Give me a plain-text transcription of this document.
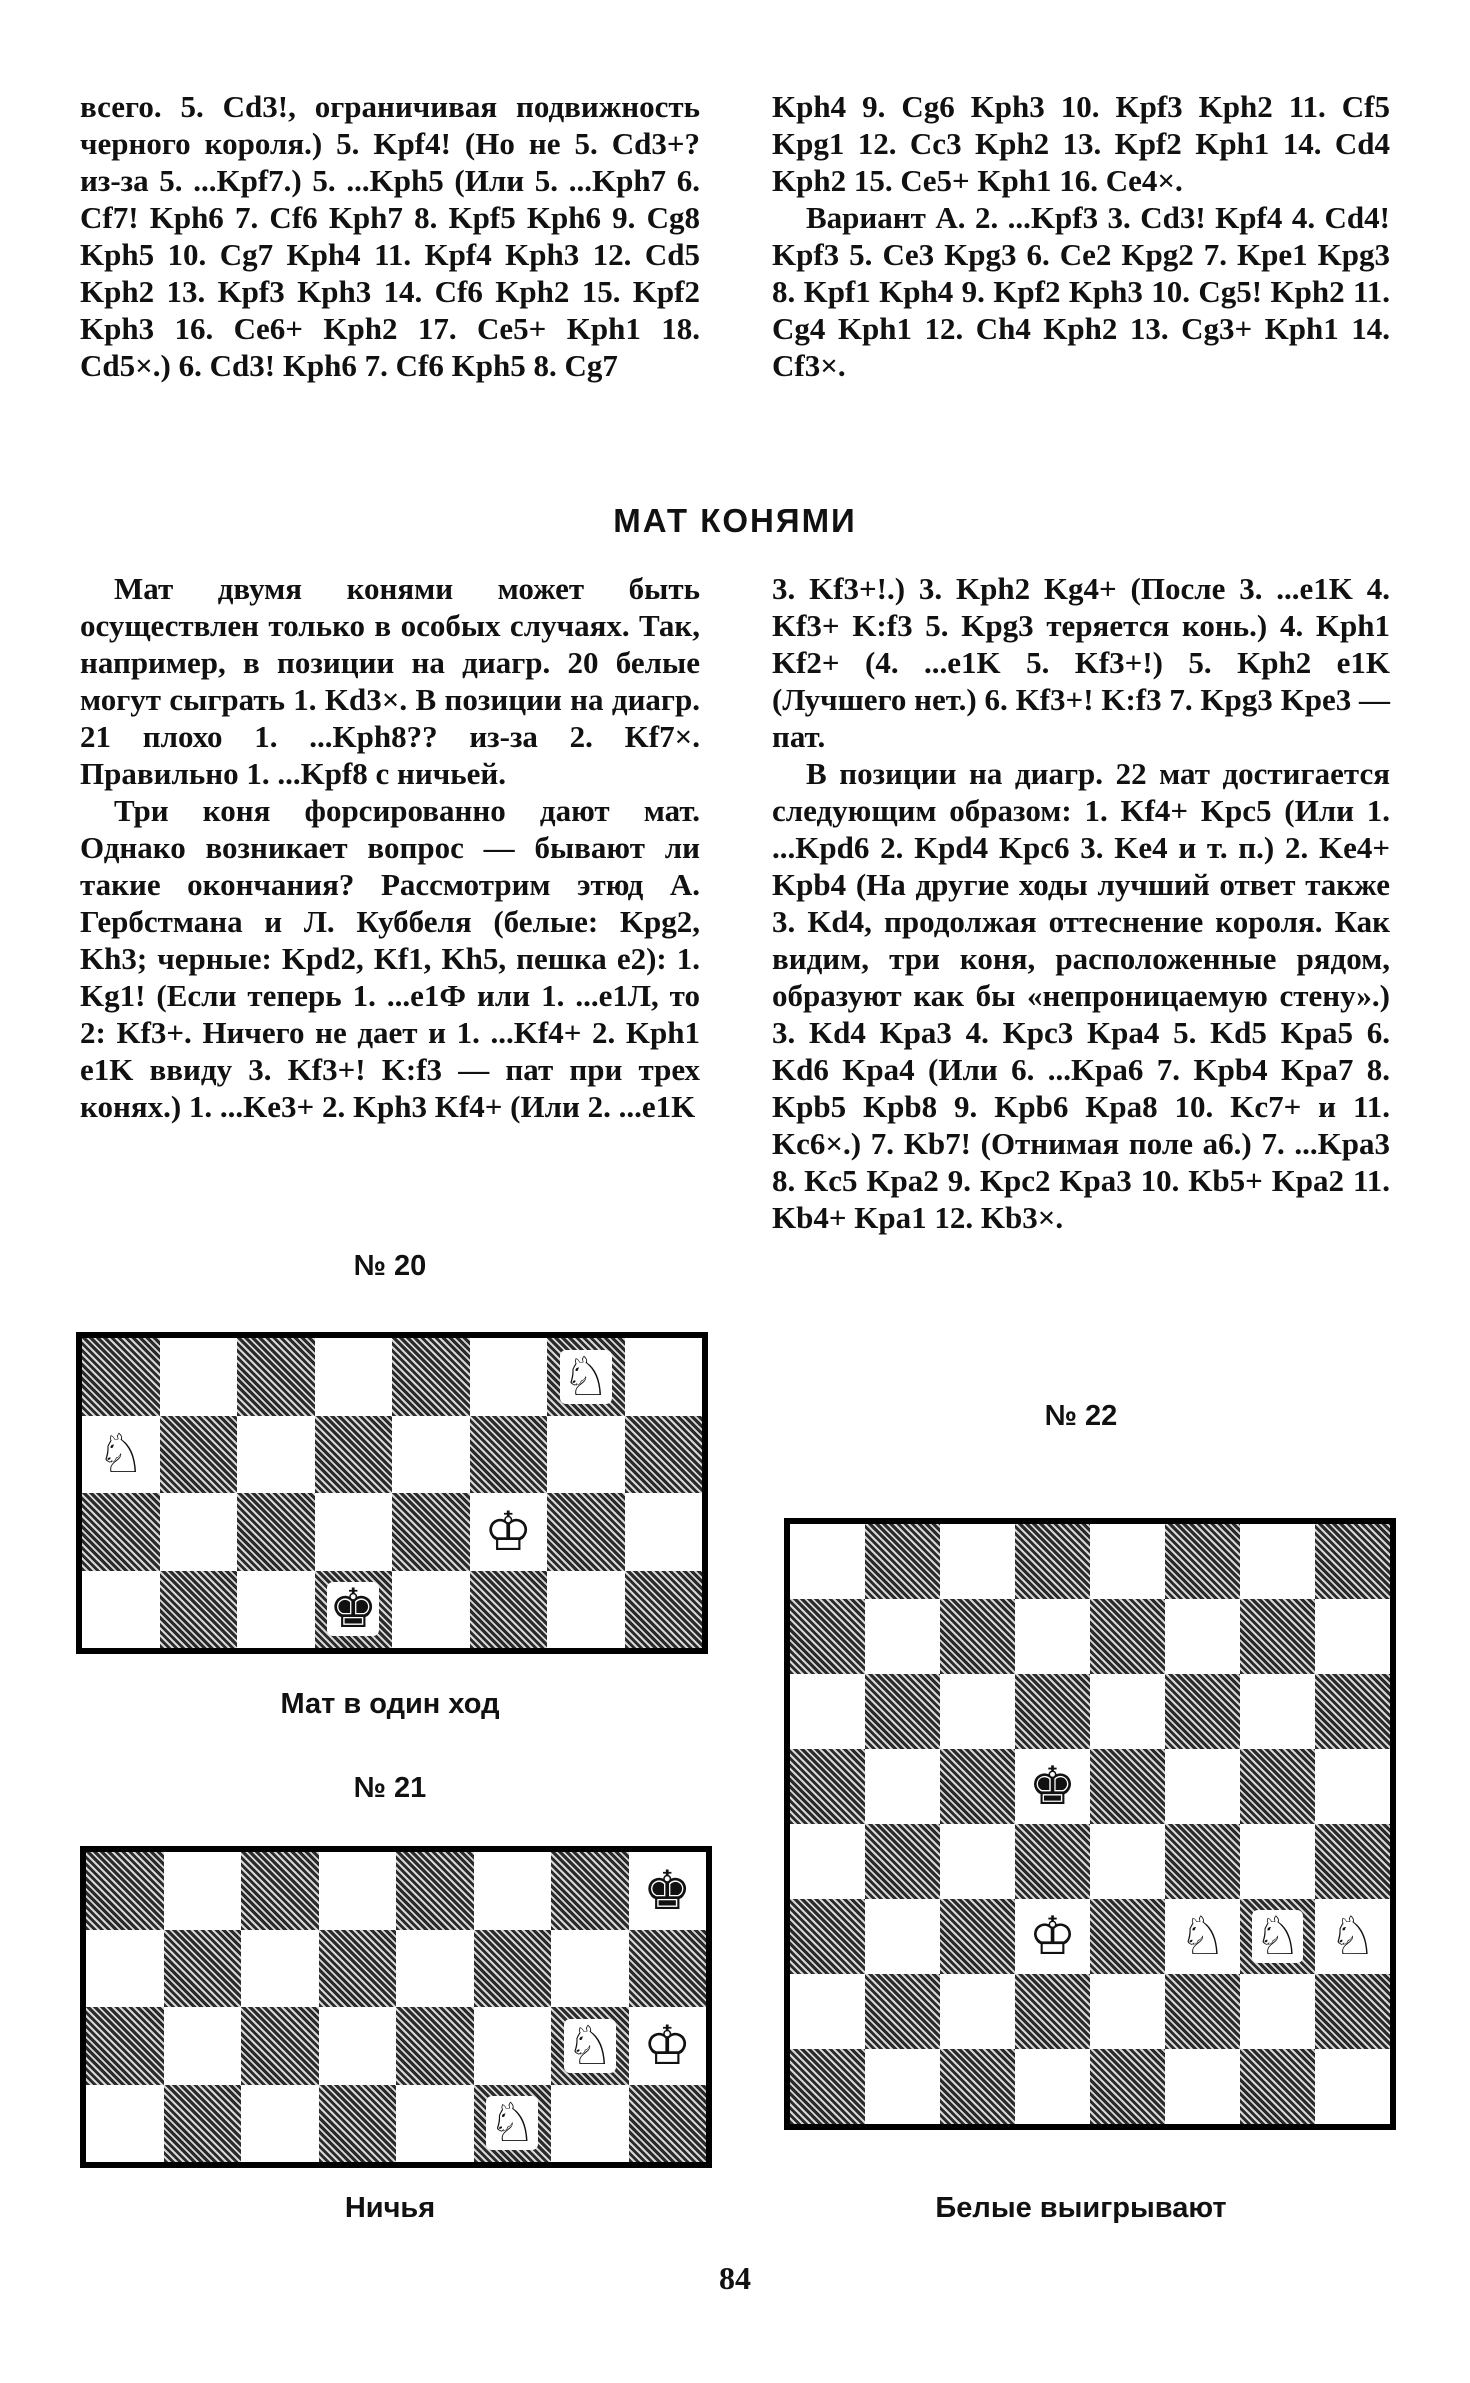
всего. 5. Cd3!, ограничивая подвижность черного короля.) 5. Kpf4! (Но не 5. Cd3+? из-за 5. ...Kpf7.) 5. ...Kph5 (Или 5. ...Kph7 6. Cf7! Kph6 7. Cf6 Kph7 8. Kpf5 Kph6 9. Cg8 Kph5 10. Cg7 Kph4 11. Kpf4 Kph3 12. Cd5 Kph2 13. Kpf3 Kph3 14. Cf6 Kph2 15. Kpf2 Kph3 16. Ce6+ Kph2 17. Ce5+ Kph1 18. Cd5×.) 6. Cd3! Kph6 7. Cf6 Kph5 8. Cg7

Kph4 9. Cg6 Kph3 10. Kpf3 Kph2 11. Cf5 Kpg1 12. Cc3 Kph2 13. Kpf2 Kph1 14. Cd4 Kph2 15. Ce5+ Kph1 16. Ce4×.

Вариант А. 2. ...Kpf3 3. Cd3! Kpf4 4. Cd4! Kpf3 5. Ce3 Kpg3 6. Ce2 Kpg2 7. Kpe1 Kpg3 8. Kpf1 Kph4 9. Kpf2 Kph3 10. Cg5! Kph2 11. Cg4 Kph1 12. Ch4 Kph2 13. Cg3+ Kph1 14. Cf3×.

МАТ КОНЯМИ

Мат двумя конями может быть осуществлен только в особых случаях. Так, например, в позиции на диагр. 20 белые могут сыграть 1. Kd3×. В позиции на диагр. 21 плохо 1. ...Kph8?? из-за 2. Kf7×. Правильно 1. ...Kpf8 с ничьей.

Три коня форсированно дают мат. Однако возникает вопрос — бывают ли такие окончания? Рассмотрим этюд А. Гербстмана и Л. Куббеля (белые: Kpg2, Kh3; черные: Kpd2, Kf1, Kh5, пешка e2): 1. Kg1! (Если теперь 1. ...e1Ф или 1. ...e1Л, то 2: Kf3+. Ничего не дает и 1. ...Kf4+ 2. Kph1 e1K ввиду 3. Kf3+! K:f3 — пат при трех конях.) 1. ...Ke3+ 2. Kph3 Kf4+ (Или 2. ...e1K

3. Kf3+!.) 3. Kph2 Kg4+ (После 3. ...e1K 4. Kf3+ K:f3 5. Kpg3 теряется конь.) 4. Kph1 Kf2+ (4. ...e1K 5. Kf3+!) 5. Kph2 e1K (Лучшего нет.) 6. Kf3+! K:f3 7. Kpg3 Kpe3 — пат.

В позиции на диагр. 22 мат достигается следующим образом: 1. Kf4+ Kpc5 (Или 1. ...Kpd6 2. Kpd4 Kpc6 3. Ke4 и т. п.) 2. Ke4+ Kpb4 (На другие ходы лучший ответ также 3. Kd4, продолжая оттеснение короля. Как видим, три коня, расположенные рядом, образуют как бы «непроницаемую стену».) 3. Kd4 Kpa3 4. Kpc3 Kpa4 5. Kd5 Kpa5 6. Kd6 Kpa4 (Или 6. ...Kpa6 7. Kpb4 Kpa7 8. Kpb5 Kpb8 9. Kpb6 Kpa8 10. Kc7+ и 11. Kc6×.) 7. Kb7! (Отнимая поле a6.) 7. ...Kpa3 8. Kc5 Kpa2 9. Kpc2 Kpa3 10. Kb5+ Kpa2 11. Kb4+ Kpa1 12. Kb3×.

№ 20
♘
♘
♔
♚
Мат в один ход
№ 21
♚
♘ ♔
♘
Ничья
№ 22
♚
♔ ♘ ♘ ♘
Белые выигрывают
84
